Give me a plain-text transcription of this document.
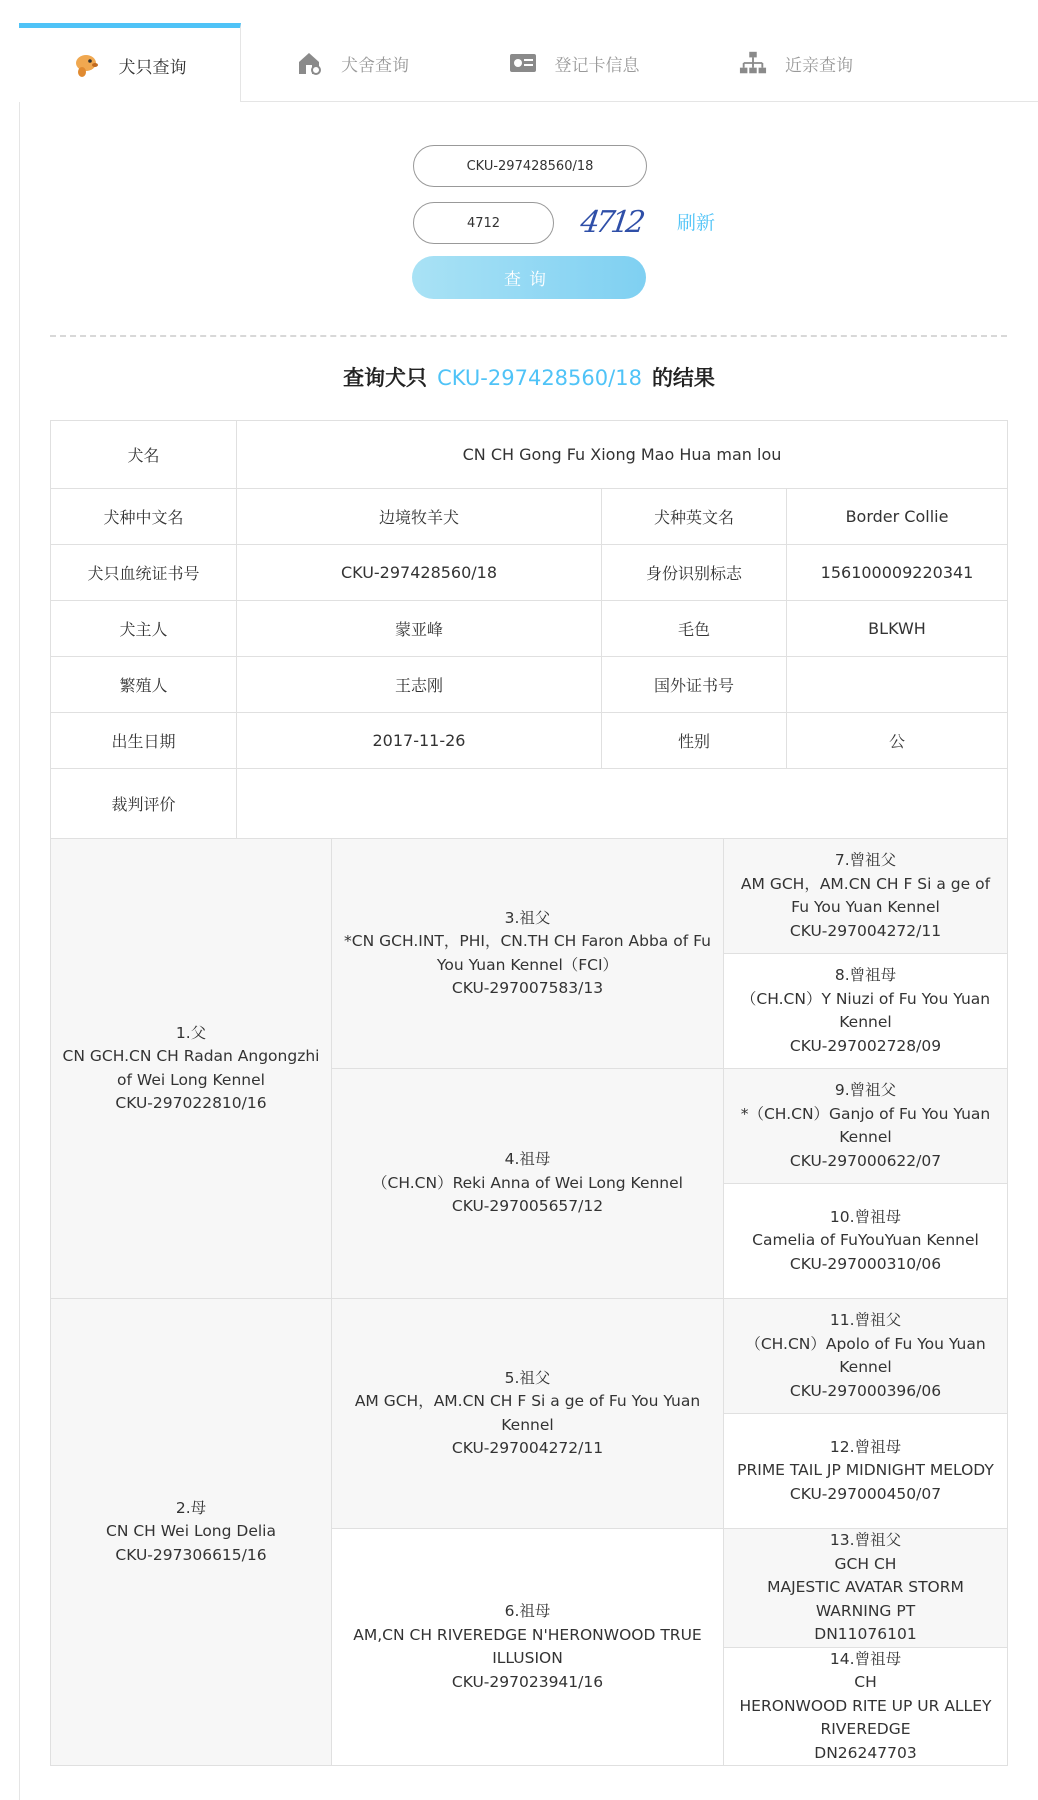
犬只查询	犬舍查询	登记卡信息	近亲查询
CKU-297428560/18
4712
4712 刷新
查询
查询犬只 CKU-297428560/18 的结果
犬名	CN CH Gong Fu Xiong Mao Hua man lou		
犬种中文名	边境牧羊犬	犬种英文名	Border Collie
犬只血统证书号	CKU-297428560/18	身份识别标志	156100009220341
犬主人	蒙亚峰	毛色	BLKWH
繁殖人	王志刚	国外证书号	
出生日期	2017-11-26	性别	公
裁判评价			
1.父
CN GCH.CN CH Radan Angongzhi
of Wei Long Kennel
CKU-297022810/16	3.祖父
*CN GCH.INT，PHI，CN.TH CH Faron Abba of Fu
You Yuan Kennel（FCI）
CKU-297007583/13	7.曾祖父
AM GCH，AM.CN CH F Si a ge of
Fu You Yuan Kennel
CKU-297004272/11

		8.曾祖母
（CH.CN）Y Niuzi of Fu You Yuan
Kennel
CKU-297002728/09

	4.祖母
（CH.CN）Reki Anna of Wei Long Kennel
CKU-297005657/12	9.曾祖父
*（CH.CN）Ganjo of Fu You Yuan
Kennel
CKU-297000622/07

		10.曾祖母
Camelia of FuYouYuan Kennel
CKU-297000310/06

2.母
CN CH Wei Long Delia
CKU-297306615/16	5.祖父
AM GCH，AM.CN CH F Si a ge of Fu You Yuan
Kennel
CKU-297004272/11	11.曾祖父
（CH.CN）Apolo of Fu You Yuan
Kennel
CKU-297000396/06

		12.曾祖母
PRIME TAIL JP MIDNIGHT MELODY
CKU-297000450/07

	6.祖母
AM,CN CH RIVEREDGE N'HERONWOOD TRUE
ILLUSION
CKU-297023941/16	13.曾祖父
GCH CH
MAJESTIC AVATAR STORM
WARNING PT
DN11076101

		14.曾祖母
CH
HERONWOOD RITE UP UR ALLEY
RIVEREDGE
DN26247703
